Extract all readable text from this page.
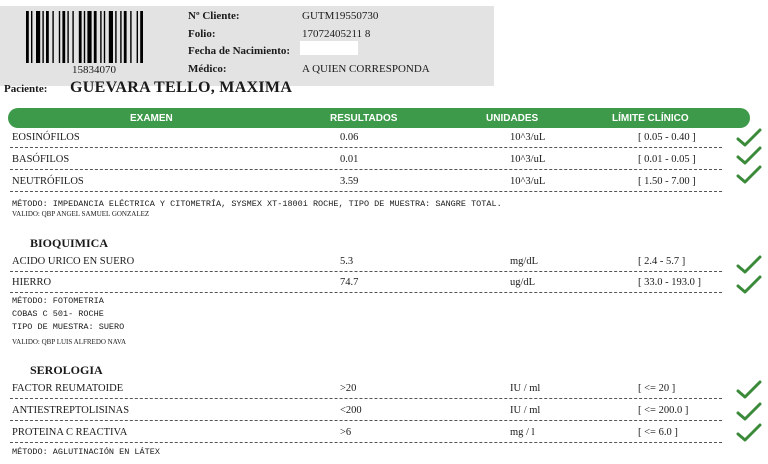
15834070
Nº Cliente:	GUTM19550730
Folio:	17072405211 8
Fecha de Nacimiento:
Médico:	A QUIEN CORRESPONDA
Paciente: GUEVARA TELLO, MAXIMA
EXAMEN	RESULTADOS	UNIDADES	LÍMITE CLÍNICO
EOSINÓFILOS	0.06	10^3/uL	[ 0.05 - 0.40 ]
BASÓFILOS	0.01	10^3/uL	[ 0.01 - 0.05 ]
NEUTRÓFILOS	3.59	10^3/uL	[ 1.50 - 7.00 ]
MÉTODO: IMPEDANCIA ELÉCTRICA Y CITOMETRÍA, SYSMEX XT-1800i ROCHE, TIPO DE MUESTRA: SANGRE TOTAL.
VALIDO: QBP ANGEL SAMUEL GONZALEZ
BIOQUIMICA
ACIDO URICO EN SUERO	5.3	mg/dL	[ 2.4 - 5.7 ]
HIERRO	74.7	ug/dL	[ 33.0 - 193.0 ]
MÉTODO: FOTOMETRIA
COBAS C 501- ROCHE
TIPO DE MUESTRA: SUERO
VALIDO: QBP LUIS ALFREDO NAVA
SEROLOGIA
FACTOR REUMATOIDE	>20	IU / ml	[ <= 20 ]
ANTIESTREPTOLISINAS	<200	IU / ml	[ <= 200.0 ]
PROTEINA C REACTIVA	>6	mg / l	[ <= 6.0 ]
MÉTODO: AGLUTINACIÓN EN LÁTEX
